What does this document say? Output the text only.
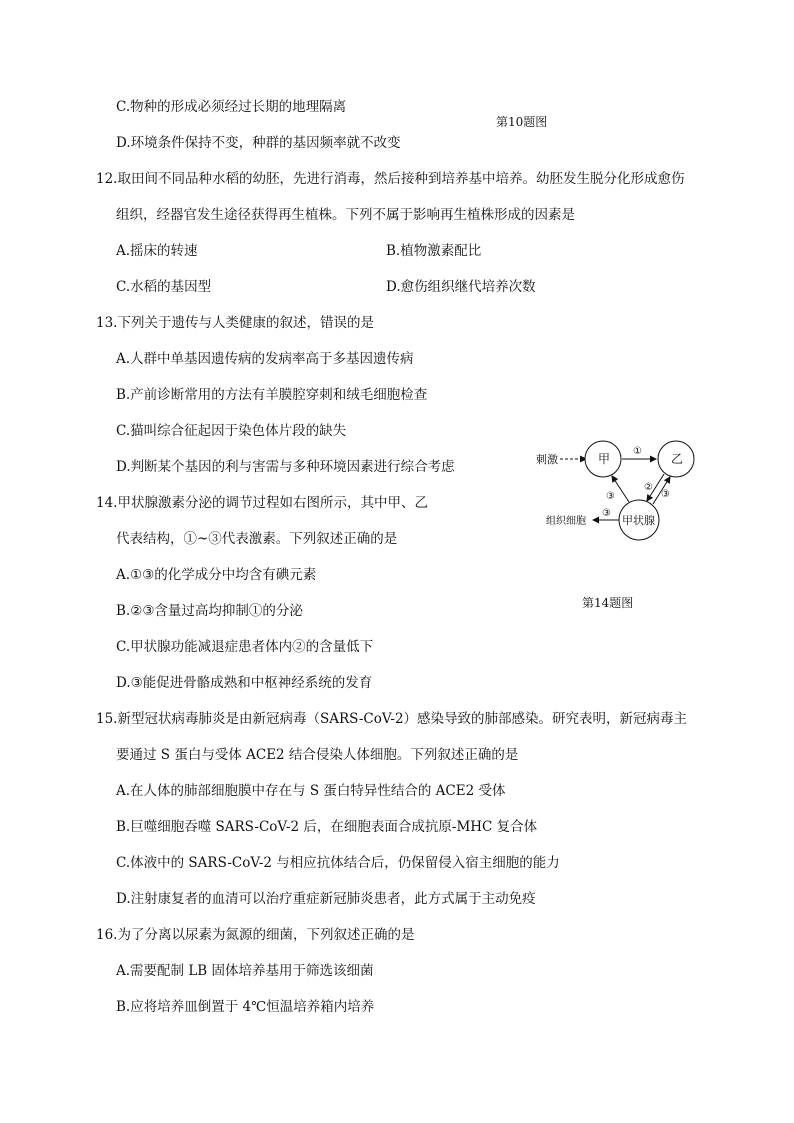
C.物种的形成必须经过长期的地理隔离
第10题图
D.环境条件保持不变，种群的基因频率就不改变
12.取田间不同品种水稻的幼胚，先进行消毒，然后接种到培养基中培养。幼胚发生脱分化形成愈伤
组织，经器官发生途径获得再生植株。下列不属于影响再生植株形成的因素是
A.摇床的转速	B.植物激素配比
C.水稻的基因型	D.愈伤组织继代培养次数
13.下列关于遗传与人类健康的叙述，错误的是
A.人群中单基因遗传病的发病率高于多基因遗传病
B.产前诊断常用的方法有羊膜腔穿刺和绒毛细胞检查
C.猫叫综合征起因于染色体片段的缺失
D.判断某个基因的利与害需与多种环境因素进行综合考虑
14.甲状腺激素分泌的调节过程如右图所示，其中甲、乙
代表结构，①~③代表激素。下列叙述正确的是
A.①③的化学成分中均含有碘元素
B.②③含量过高均抑制①的分泌
C.甲状腺功能减退症患者体内②的含量低下
D.③能促进骨骼成熟和中枢神经系统的发育
刺激	甲	乙
甲状腺
①
②
③
③
③
组织细胞
第14题图
15.新型冠状病毒肺炎是由新冠病毒（SARS-CoV-2）感染导致的肺部感染。研究表明，新冠病毒主
要通过 S 蛋白与受体 ACE2 结合侵染人体细胞。下列叙述正确的是
A.在人体的肺部细胞膜中存在与 S 蛋白特异性结合的 ACE2 受体
B.巨噬细胞吞噬 SARS-CoV-2 后，在细胞表面合成抗原-MHC 复合体
C.体液中的 SARS-CoV-2 与相应抗体结合后，仍保留侵入宿主细胞的能力
D.注射康复者的血清可以治疗重症新冠肺炎患者，此方式属于主动免疫
16.为了分离以尿素为氮源的细菌，下列叙述正确的是
A.需要配制 LB 固体培养基用于筛选该细菌
B.应将培养皿倒置于 4℃恒温培养箱内培养
